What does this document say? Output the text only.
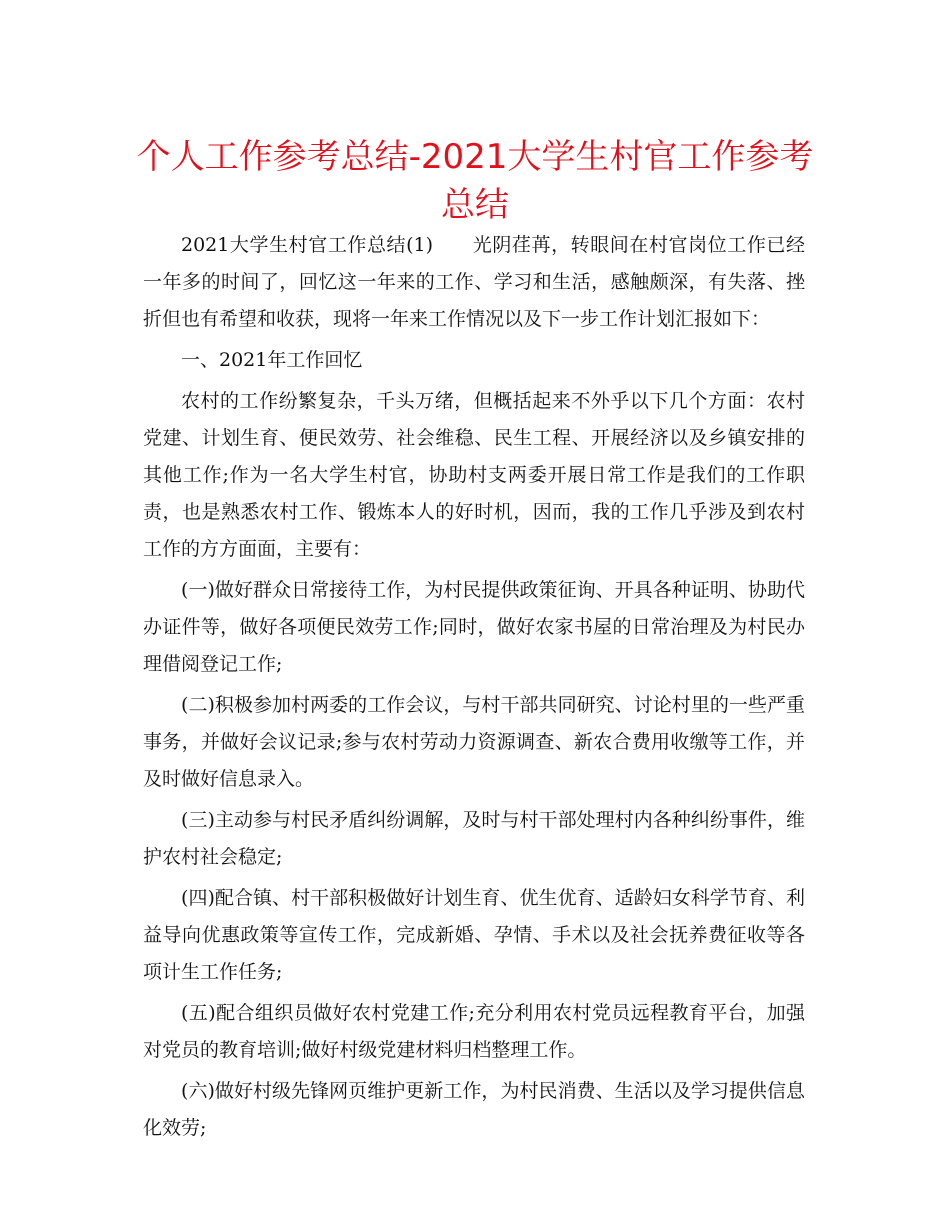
个人工作参考总结-2021大学生村官工作参考总结

2021大学生村官工作总结(1)　　光阴荏苒，转眼间在村官岗位工作已经一年多的时间了，回忆这一年来的工作、学习和生活，感触颇深，有失落、挫折但也有希望和收获，现将一年来工作情况以及下一步工作计划汇报如下：

一、2021年工作回忆

农村的工作纷繁复杂，千头万绪，但概括起来不外乎以下几个方面：农村党建、计划生育、便民效劳、社会维稳、民生工程、开展经济以及乡镇安排的其他工作;作为一名大学生村官，协助村支两委开展日常工作是我们的工作职责，也是熟悉农村工作、锻炼本人的好时机，因而，我的工作几乎涉及到农村工作的方方面面，主要有：

(一)做好群众日常接待工作，为村民提供政策征询、开具各种证明、协助代办证件等，做好各项便民效劳工作;同时，做好农家书屋的日常治理及为村民办理借阅登记工作;

(二)积极参加村两委的工作会议，与村干部共同研究、讨论村里的一些严重事务，并做好会议记录;参与农村劳动力资源调查、新农合费用收缴等工作，并及时做好信息录入。

(三)主动参与村民矛盾纠纷调解，及时与村干部处理村内各种纠纷事件，维护农村社会稳定;

(四)配合镇、村干部积极做好计划生育、优生优育、适龄妇女科学节育、利益导向优惠政策等宣传工作，完成新婚、孕情、手术以及社会抚养费征收等各项计生工作任务;

(五)配合组织员做好农村党建工作;充分利用农村党员远程教育平台，加强对党员的教育培训;做好村级党建材料归档整理工作。

(六)做好村级先锋网页维护更新工作，为村民消费、生活以及学习提供信息化效劳;
